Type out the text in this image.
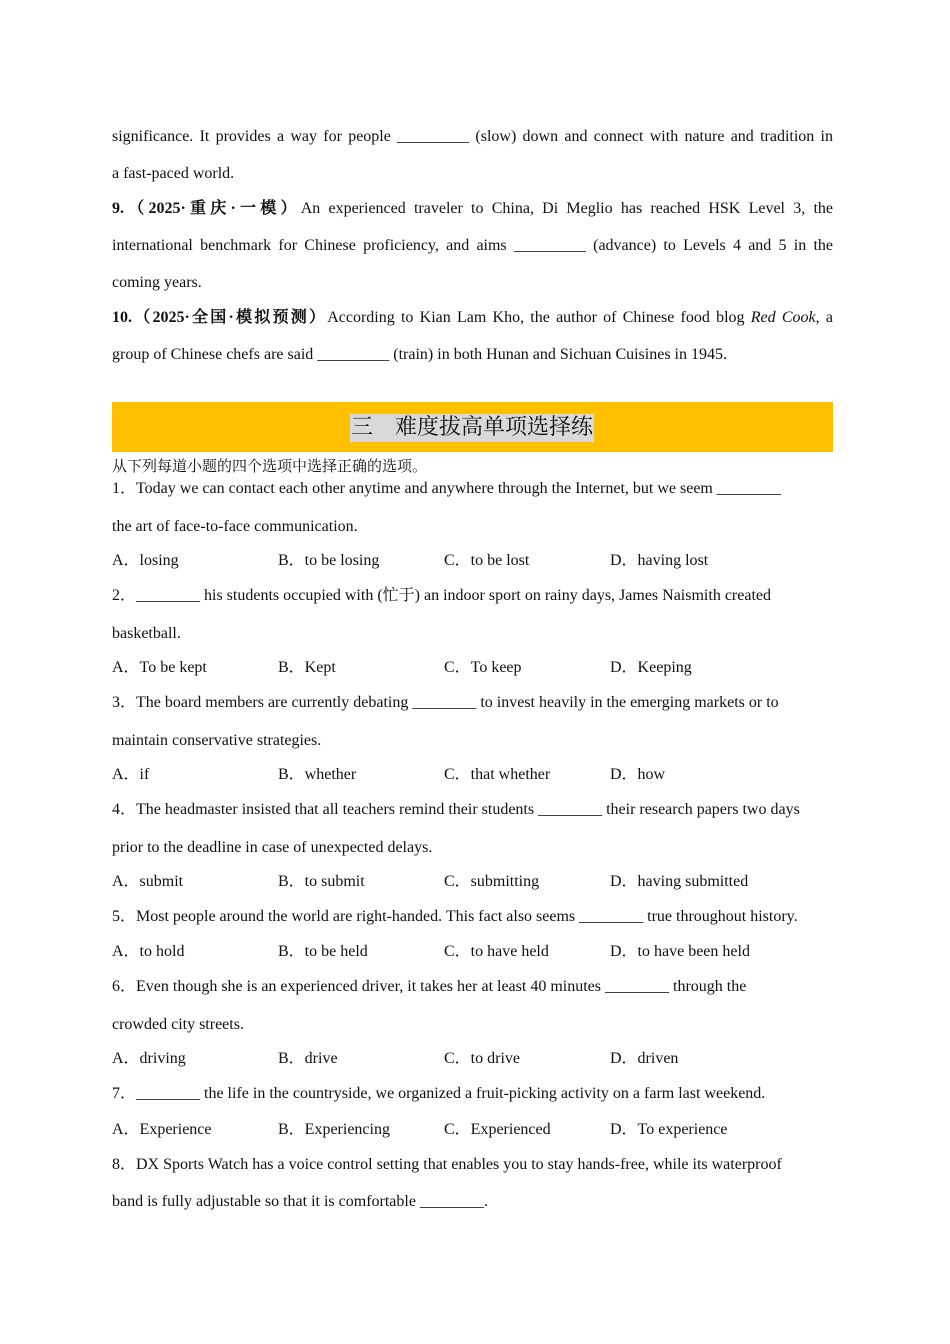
significance. It provides a way for people _________ (slow) down and connect with nature and tradition in
a fast-paced world.
9.（2025·重庆·一模）An experienced traveler to China, Di Meglio has reached HSK Level 3, the
international benchmark for Chinese proficiency, and aims _________ (advance) to Levels 4 and 5 in the
coming years.
10.（2025·全国·模拟预测）According to Kian Lam Kho, the author of Chinese food blog Red Cook, a
group of Chinese chefs are said _________ (train) in both Hunan and Sichuan Cuisines in 1945.
三　难度拔高单项选择练
从下列每道小题的四个选项中选择正确的选项。
1．Today we can contact each other anytime and anywhere through the Internet, but we seem ________
the art of face-to-face communication.
A．losing	B．to be losing	C．to be lost	D．having lost
2．________ his students occupied with (忙于) an indoor sport on rainy days, James Naismith created
basketball.
A．To be kept	B．Kept	C．To keep	D．Keeping
3．The board members are currently debating ________ to invest heavily in the emerging markets or to
maintain conservative strategies.
A．if	B．whether	C．that whether	D．how
4．The headmaster insisted that all teachers remind their students ________ their research papers two days
prior to the deadline in case of unexpected delays.
A．submit	B．to submit	C．submitting	D．having submitted
5．Most people around the world are right-handed. This fact also seems ________ true throughout history.
A．to hold	B．to be held	C．to have held	D．to have been held
6．Even though she is an experienced driver, it takes her at least 40 minutes ________ through the
crowded city streets.
A．driving	B．drive	C．to drive	D．driven
7．________ the life in the countryside, we organized a fruit-picking activity on a farm last weekend.
A．Experience	B．Experiencing	C．Experienced	D．To experience
8．DX Sports Watch has a voice control setting that enables you to stay hands-free, while its waterproof
band is fully adjustable so that it is comfortable ________.
